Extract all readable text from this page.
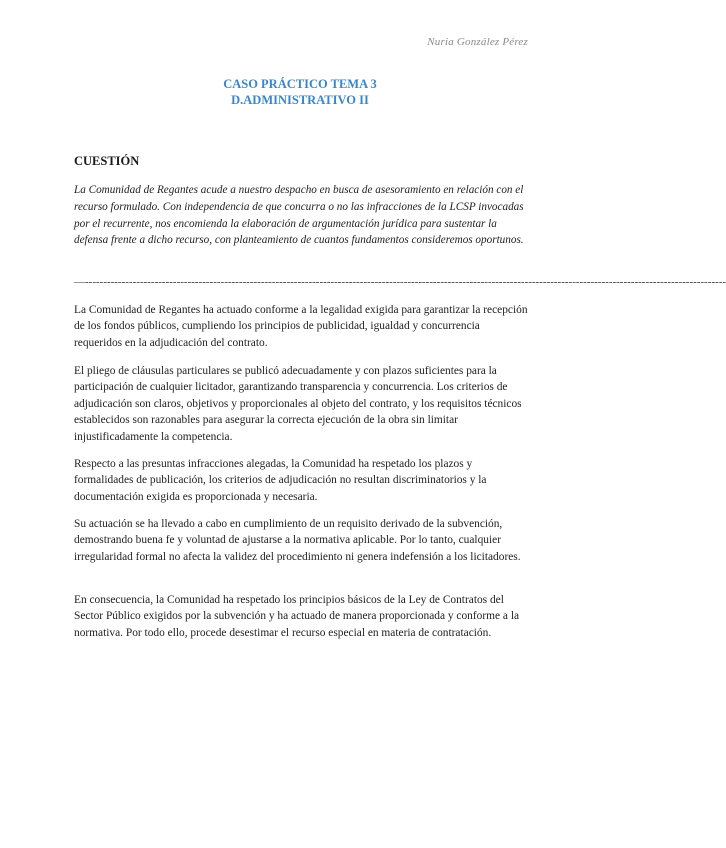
Nuria González Pérez
CASO PRÁCTICO TEMA 3
D.ADMINISTRATIVO II
CUESTIÓN
La Comunidad de Regantes acude a nuestro despacho en busca de asesoramiento en relación con el recurso formulado. Con independencia de que concurra o no las infracciones de la LCSP invocadas por el recurrente, nos encomienda la elaboración de argumentación jurídica para sustentar la defensa frente a dicho recurso, con planteamiento de cuantos fundamentos consideremos oportunos.
—-------------------------------------------------------------------------------------------------------------------------------------------------------------------------------

La Comunidad de Regantes ha actuado conforme a la legalidad exigida para garantizar la recepción de los fondos públicos, cumpliendo los principios de publicidad, igualdad y concurrencia requeridos en la adjudicación del contrato.

El pliego de cláusulas particulares se publicó adecuadamente y con plazos suficientes para la participación de cualquier licitador, garantizando transparencia y concurrencia. Los criterios de adjudicación son claros, objetivos y proporcionales al objeto del contrato, y los requisitos técnicos establecidos son razonables para asegurar la correcta ejecución de la obra sin limitar injustificadamente la competencia.

Respecto a las presuntas infracciones alegadas, la Comunidad ha respetado los plazos y formalidades de publicación, los criterios de adjudicación no resultan discriminatorios y la documentación exigida es proporcionada y necesaria.

Su actuación se ha llevado a cabo en cumplimiento de un requisito derivado de la subvención, demostrando buena fe y voluntad de ajustarse a la normativa aplicable. Por lo tanto, cualquier irregularidad formal no afecta la validez del procedimiento ni genera indefensión a los licitadores.

En consecuencia, la Comunidad ha respetado los principios básicos de la Ley de Contratos del Sector Público exigidos por la subvención y ha actuado de manera proporcionada y conforme a la normativa. Por todo ello, procede desestimar el recurso especial en materia de contratación.
